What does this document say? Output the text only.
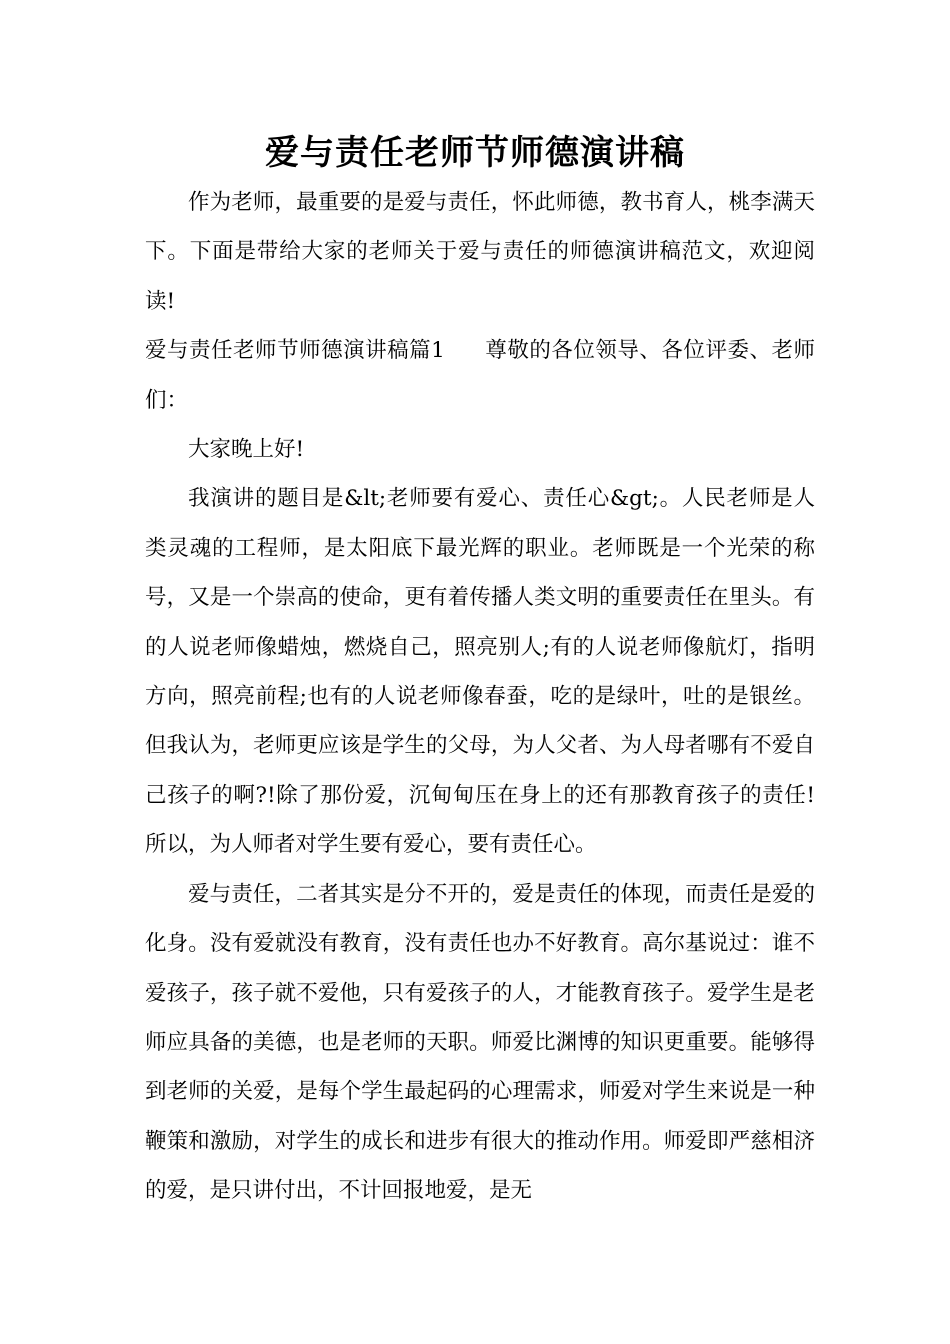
爱与责任老师节师德演讲稿

作为老师，最重要的是爱与责任，怀此师德，教书育人，桃李满天下。下面是带给大家的老师关于爱与责任的师德演讲稿范文，欢迎阅读!

爱与责任老师节师德演讲稿篇1 尊敬的各位领导、各位评委、老师们：

大家晚上好!

我演讲的题目是&lt;老师要有爱心、责任心&gt;。人民老师是人类灵魂的工程师，是太阳底下最光辉的职业。老师既是一个光荣的称号，又是一个崇高的使命，更有着传播人类文明的重要责任在里头。有的人说老师像蜡烛，燃烧自己，照亮别人;有的人说老师像航灯，指明方向，照亮前程;也有的人说老师像春蚕，吃的是绿叶，吐的是银丝。但我认为，老师更应该是学生的父母，为人父者、为人母者哪有不爱自己孩子的啊?!除了那份爱，沉甸甸压在身上的还有那教育孩子的责任!所以，为人师者对学生要有爱心，要有责任心。

爱与责任，二者其实是分不开的，爱是责任的体现，而责任是爱的化身。没有爱就没有教育，没有责任也办不好教育。高尔基说过：谁不爱孩子，孩子就不爱他，只有爱孩子的人，才能教育孩子。爱学生是老师应具备的美德，也是老师的天职。师爱比渊博的知识更重要。能够得到老师的关爱，是每个学生最起码的心理需求，师爱对学生来说是一种鞭策和激励，对学生的成长和进步有很大的推动作用。师爱即严慈相济的爱，是只讲付出，不计回报地爱，是无
